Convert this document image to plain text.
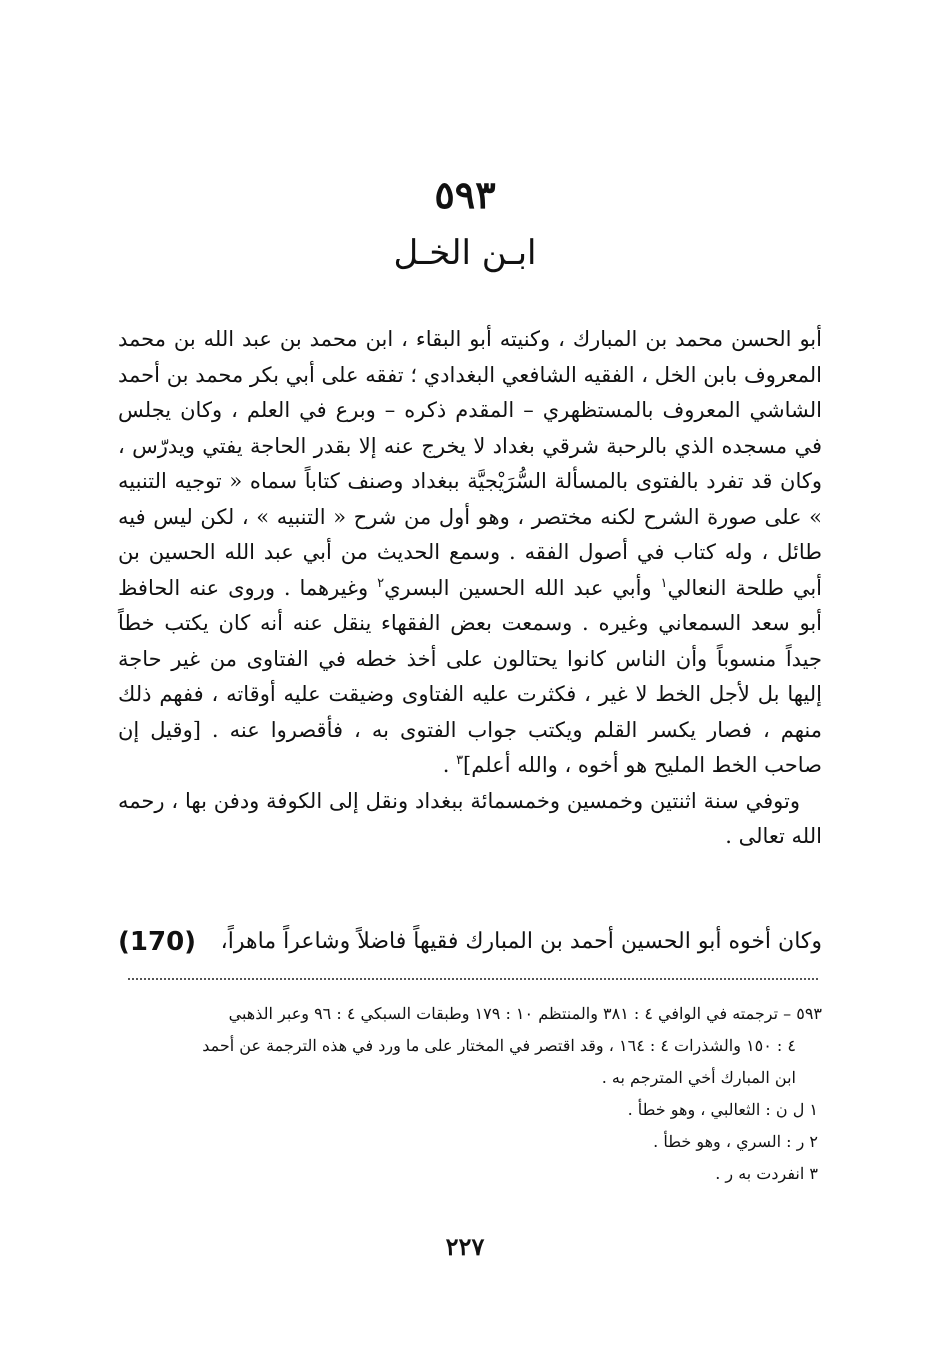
٥٩٣
ابـن الخـل

أبو الحسن محمد بن المبارك ، وكنيته أبو البقاء ، ابن محمد بن عبد الله بن محمد المعروف بابن الخل ، الفقيه الشافعي البغدادي ؛ تفقه على أبي بكر محمد بن أحمد الشاشي المعروف بالمستظهري – المقدم ذكره – وبرع في العلم ، وكان يجلس في مسجده الذي بالرحبة شرقي بغداد لا يخرج عنه إلا بقدر الحاجة يفتي ويدرّس ، وكان قد تفرد بالفتوى بالمسألة السُّرَيْجيَّة ببغداد وصنف كتاباً سماه « توجيه التنبيه » على صورة الشرح لكنه مختصر ، وهو أول من شرح « التنبيه » ، لكن ليس فيه طائل ، وله كتاب في أصول الفقه . وسمع الحديث من أبي عبد الله الحسين بن أبي طلحة النعالي$^١$ وأبي عبد الله الحسين البسري$^٢$ وغيرهما . وروى عنه الحافظ أبو سعد السمعاني وغيره . وسمعت بعض الفقهاء ينقل عنه أنه كان يكتب خطاً جيداً منسوباً وأن الناس كانوا يحتالون على أخذ خطه في الفتاوى من غير حاجة إليها بل لأجل الخط لا غير ، فكثرت عليه الفتاوى وضيقت عليه أوقاته ، ففهم ذلك منهم ، فصار يكسر القلم ويكتب جواب الفتوى به ، فأقصروا عنه . [وقيل إن صاحب الخط المليح هو أخوه ، والله أعلم]$^٣$ .

وتوفي سنة اثنتين وخمسين وخمسمائة ببغداد ونقل إلى الكوفة ودفن بها ، رحمه الله تعالى .

وكان أخوه أبو الحسين أحمد بن المبارك فقيهاً فاضلاً وشاعراً ماهراً،
(170)

٥٩٣ – ترجمته في الوافي ٤ : ٣٨١ والمنتظم ١٠ : ١٧٩ وطبقات السبكي ٤ : ٩٦ وعبر الذهبي

٤ : ١٥٠ والشذرات ٤ : ١٦٤ ، وقد اقتصر في المختار على ما ورد في هذه الترجمة عن أحمد

ابن المبارك أخي المترجم به .

١ ل ن : الثعالبي ، وهو خطأ .

٢ ر : السري ، وهو خطأ .

٣ انفردت به ر .

٢٢٧
